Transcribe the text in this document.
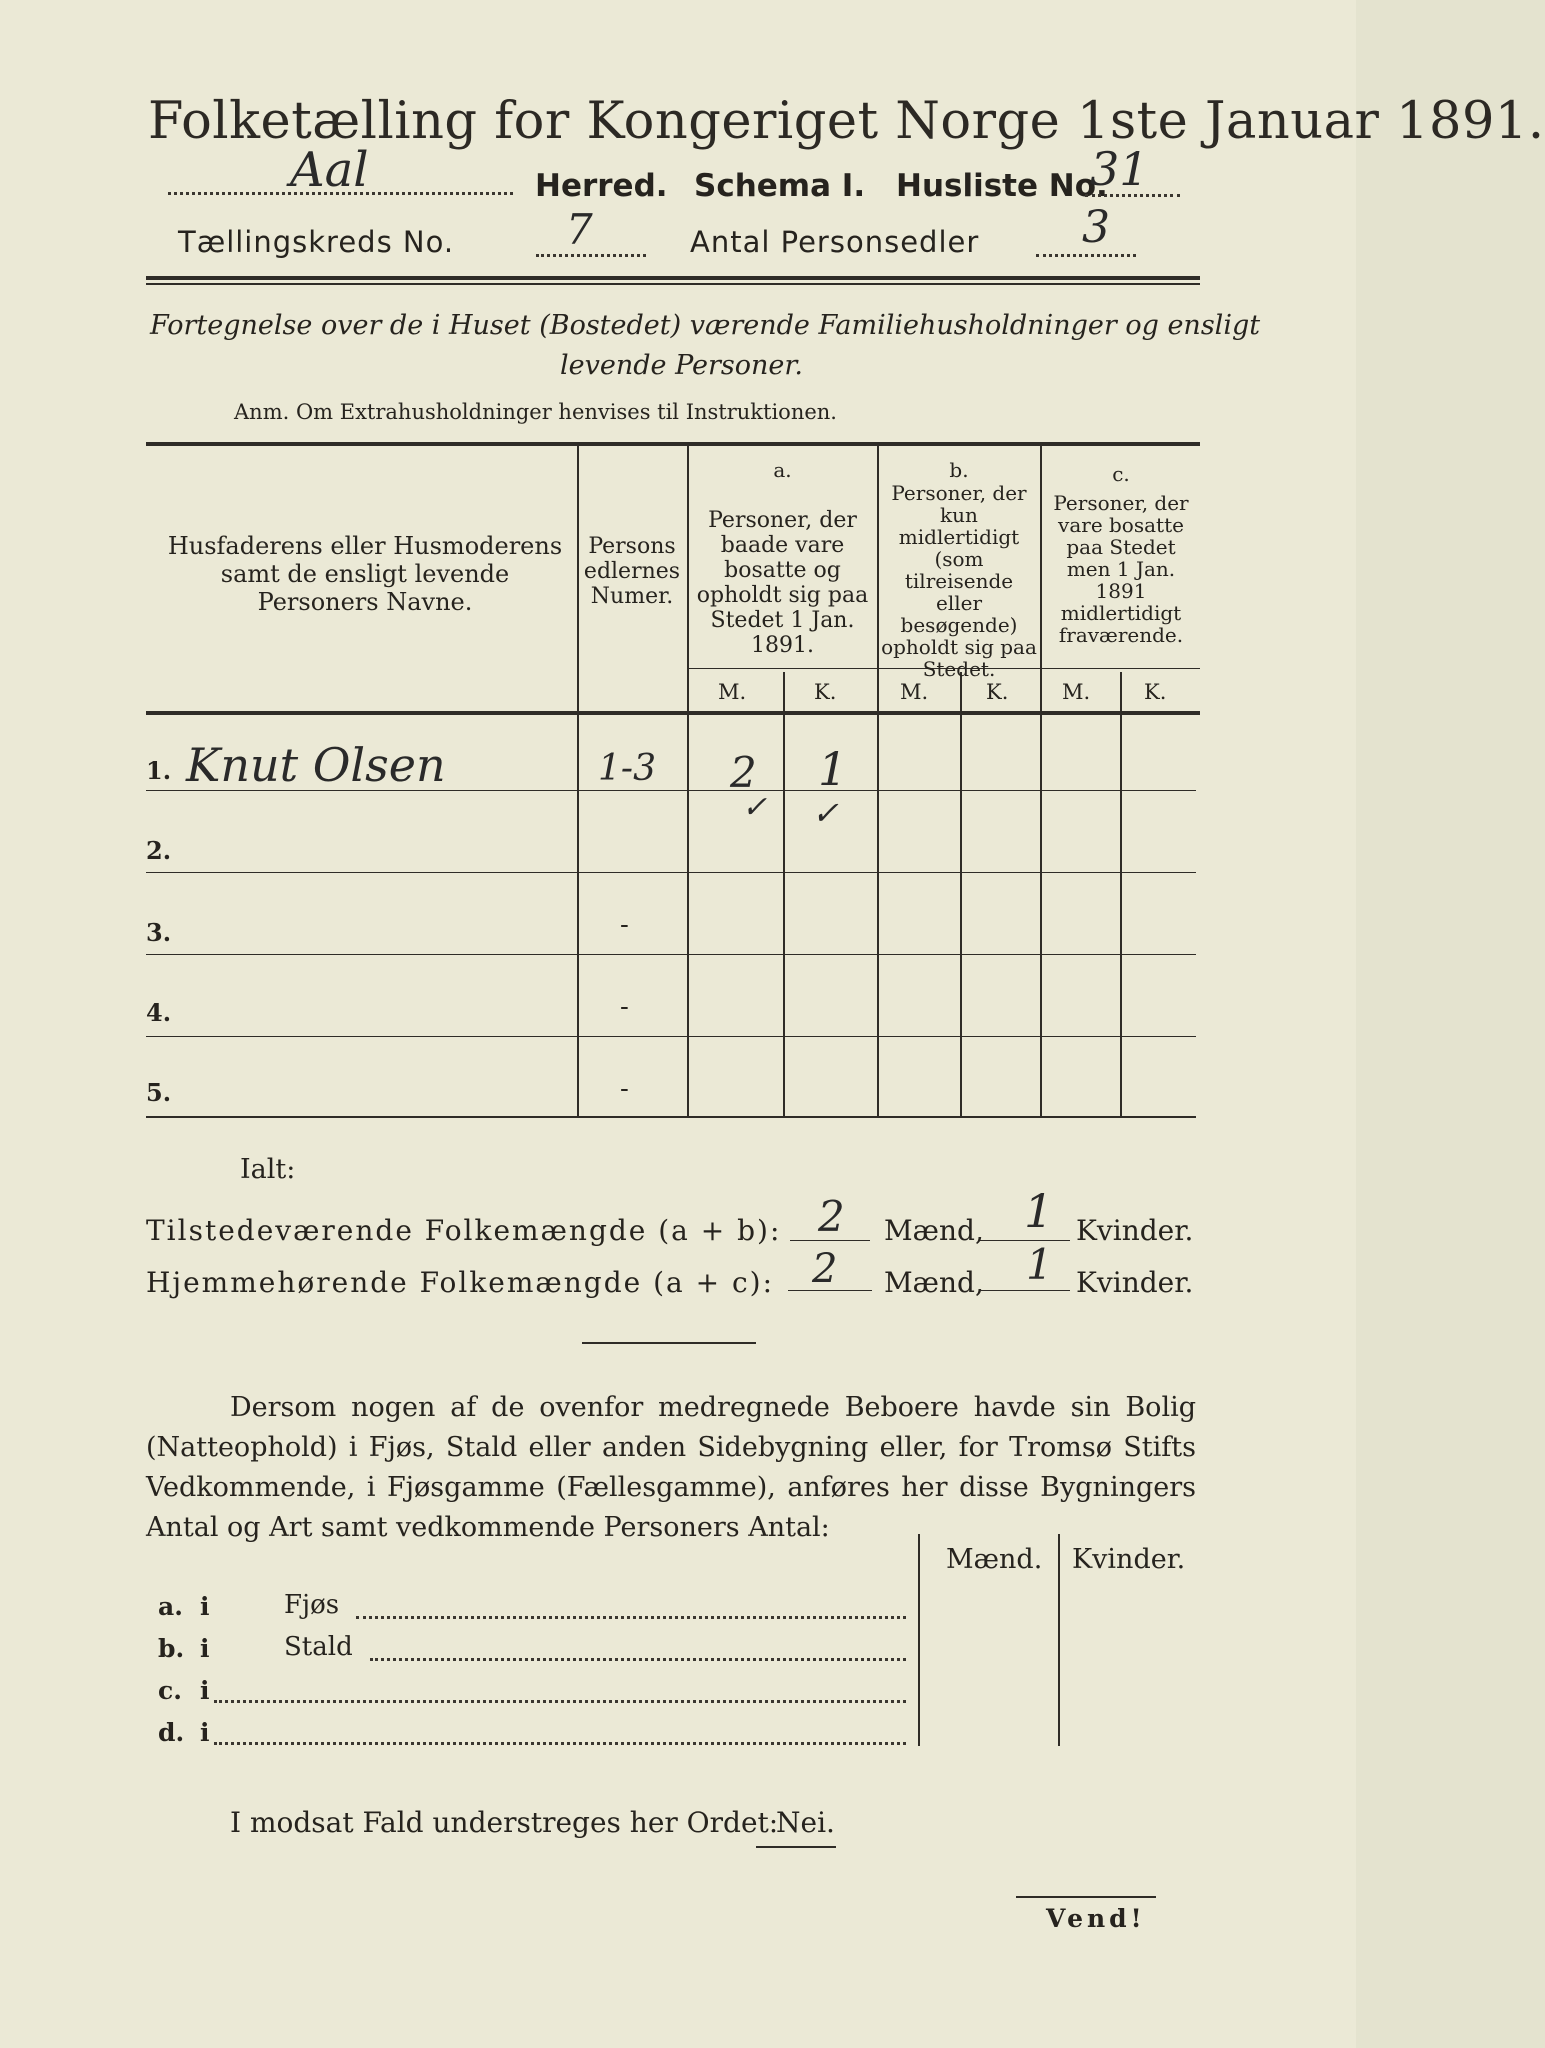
Folketælling for Kongeriget Norge 1ste Januar 1891.
Aal	Herred. Schema I. Husliste No.
31
Tællingskreds No.	7	Antal Personsedler 3
Fortegnelse over de i Huset (Bostedet) værende Familiehusholdninger og ensligt
levende Personer.
Anm. Om Extrahusholdninger henvises til Instruktionen.
Husfaderens eller Husmoderens samt de ensligt levende Personers Navne.
Personsedlernes Numer.
a.
Personer, der baade vare bosatte og opholdt sig paa Stedet 1 Jan. 1891.
b.
Personer, der kun midlertidigt (som tilreisende eller besøgende) opholdt sig paa Stedet.
c.
Personer, der vare bosatte paa Stedet men 1 Jan. 1891 midlertidigt fraværende.
M.	K.	M.	K.	M.	K.
1. Knut Olsen	1-3 2 1
✓ ✓
2.
3.	-
4.	-
5.	-
Ialt:
Tilstedeværende Folkemængde (a + b): 2 Mænd, 1 Kvinder.
Hjemmehørende Folkemængde (a + c): 2 Mænd, 1 Kvinder.
Dersom nogen af de ovenfor medregnede Beboere havde sin Bolig (Natteophold) i Fjøs, Stald eller anden Sidebygning eller, for Tromsø Stifts Vedkommende, i Fjøsgamme (Fællesgamme), anføres her disse Bygningers Antal og Art samt vedkommende Personers Antal:
Mænd. Kvinder.
a. i	Fjøs
b. i	Stald
c. i
d. i
I modsat Fald understreges her Ordet:
Nei.
Vend!
